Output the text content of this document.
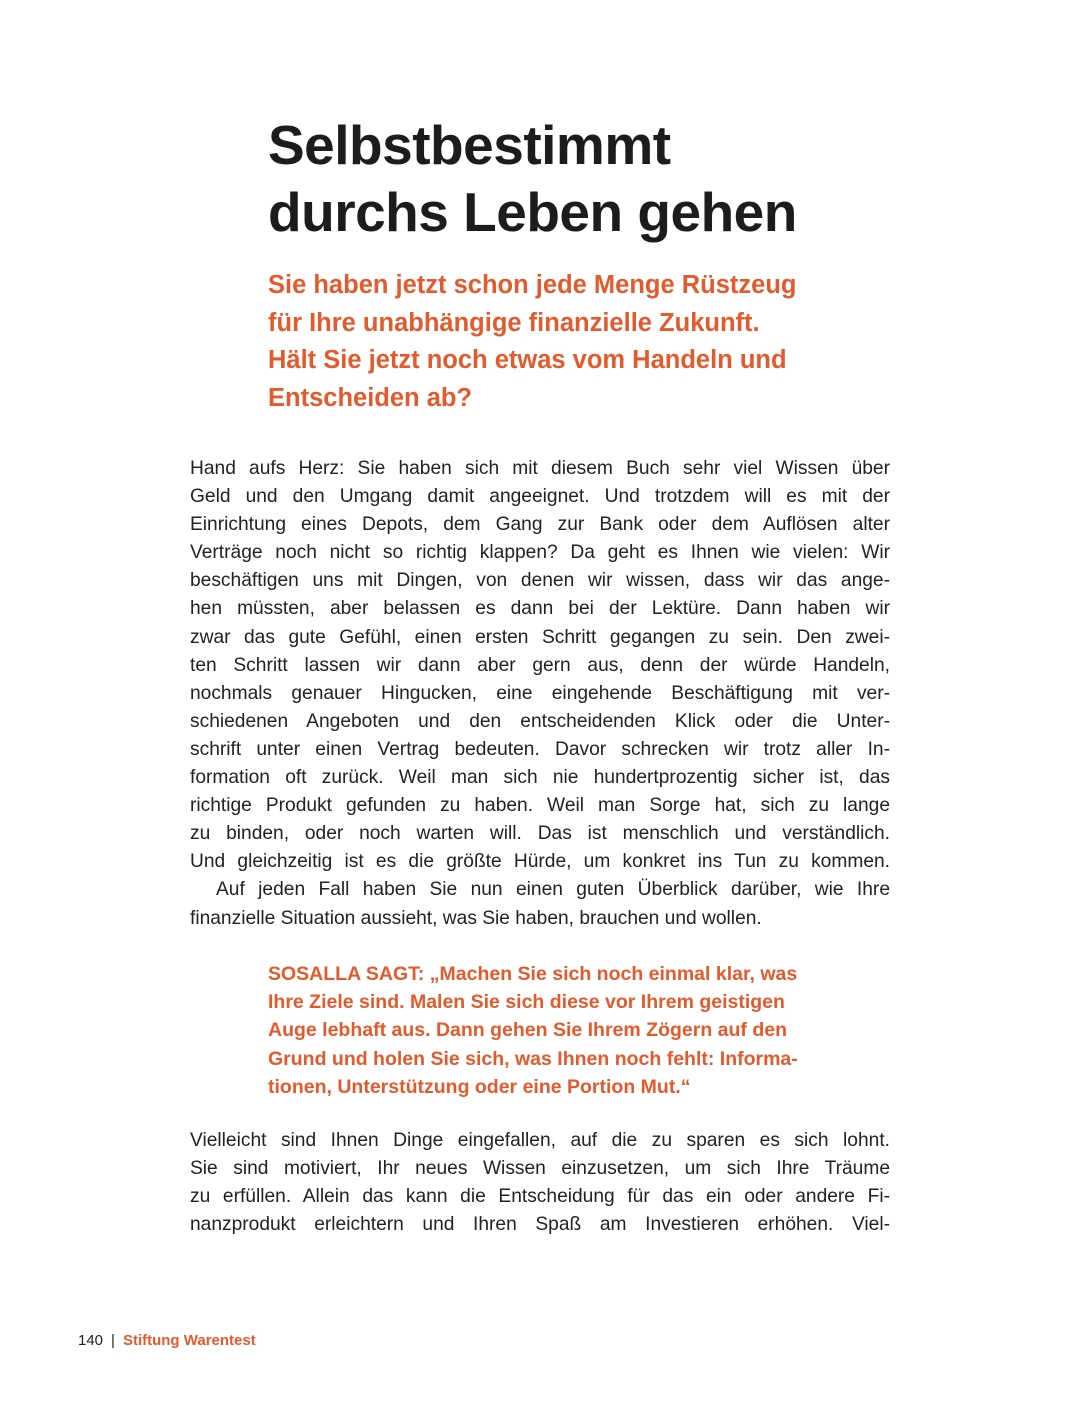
Selbstbestimmt
durchs Leben gehen
Sie haben jetzt schon jede Menge Rüstzeug
für Ihre unabhängige finanzielle Zukunft.
Hält Sie jetzt noch etwas vom Handeln und
Entscheiden ab?
Hand aufs Herz: Sie haben sich mit diesem Buch sehr viel Wissen über
Geld und den Umgang damit angeeignet. Und trotzdem will es mit der
Einrichtung eines Depots, dem Gang zur Bank oder dem Auflösen alter
Verträge noch nicht so richtig klappen? Da geht es Ihnen wie vielen: Wir
beschäftigen uns mit Dingen, von denen wir wissen, dass wir das ange-
hen müssten, aber belassen es dann bei der Lektüre. Dann haben wir
zwar das gute Gefühl, einen ersten Schritt gegangen zu sein. Den zwei-
ten Schritt lassen wir dann aber gern aus, denn der würde Handeln,
nochmals genauer Hingucken, eine eingehende Beschäftigung mit ver-
schiedenen Angeboten und den entscheidenden Klick oder die Unter-
schrift unter einen Vertrag bedeuten. Davor schrecken wir trotz aller In-
formation oft zurück. Weil man sich nie hundertprozentig sicher ist, das
richtige Produkt gefunden zu haben. Weil man Sorge hat, sich zu lange
zu binden, oder noch warten will. Das ist menschlich und verständlich.
Und gleichzeitig ist es die größte Hürde, um konkret ins Tun zu kommen.
Auf jeden Fall haben Sie nun einen guten Überblick darüber, wie Ihre
finanzielle Situation aussieht, was Sie haben, brauchen und wollen.
SOSALLA SAGT: „Machen Sie sich noch einmal klar, was
Ihre Ziele sind. Malen Sie sich diese vor Ihrem geistigen
Auge lebhaft aus. Dann gehen Sie Ihrem Zögern auf den
Grund und holen Sie sich, was Ihnen noch fehlt: Informa-
tionen, Unterstützung oder eine Portion Mut.“
Vielleicht sind Ihnen Dinge eingefallen, auf die zu sparen es sich lohnt.
Sie sind motiviert, Ihr neues Wissen einzusetzen, um sich Ihre Träume
zu erfüllen. Allein das kann die Entscheidung für das ein oder andere Fi-
nanzprodukt erleichtern und Ihren Spaß am Investieren erhöhen. Viel-
140 | Stiftung Warentest
